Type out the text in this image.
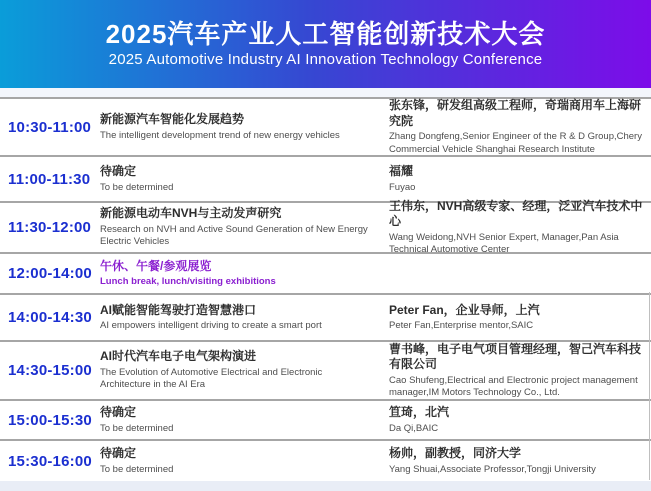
2025汽车产业人工智能创新技术大会
2025 Automotive Industry AI Innovation Technology Conference
10:30-11:00 新能源汽车智能化发展趋势
The intelligent development trend of new energy vehicles
张东锋，研发组高级工程师，奇瑞商用车上海研究院
Zhang Dongfeng,Senior Engineer of the R & D Group,Chery Commercial Vehicle Shanghai Research Institute
11:00-11:30 待确定
To be determined
福耀
Fuyao
11:30-12:00
新能源电动车NVH与主动发声研究
Research on NVH and Active Sound Generation of New Energy Electric Vehicles
王伟东，NVH高级专家、经理，泛亚汽车技术中心
Wang Weidong,NVH Senior Expert, Manager,Pan Asia Technical Automotive Center
12:00-14:00 午休、午餐/参观展览
Lunch break, lunch/visiting exhibitions
14:00-14:30 AI赋能智能驾驶打造智慧港口
AI empowers intelligent driving to create a smart port
Peter Fan，企业导师，上汽
Peter Fan,Enterprise mentor,SAIC
14:30-15:00
AI时代汽车电子电气架构演进
The Evolution of Automotive Electrical and Electronic Architecture in the AI Era
曹书峰，电子电气项目管理经理，智己汽车科技有限公司
Cao Shufeng,Electrical and Electronic project management manager,IM Motors Technology Co., Ltd.
15:00-15:30 待确定
To be determined
笪琦，北汽
Da Qi,BAIC
15:30-16:00 待确定
To be determined
杨帅，副教授，同济大学
Yang Shuai,Associate Professor,Tongji University
